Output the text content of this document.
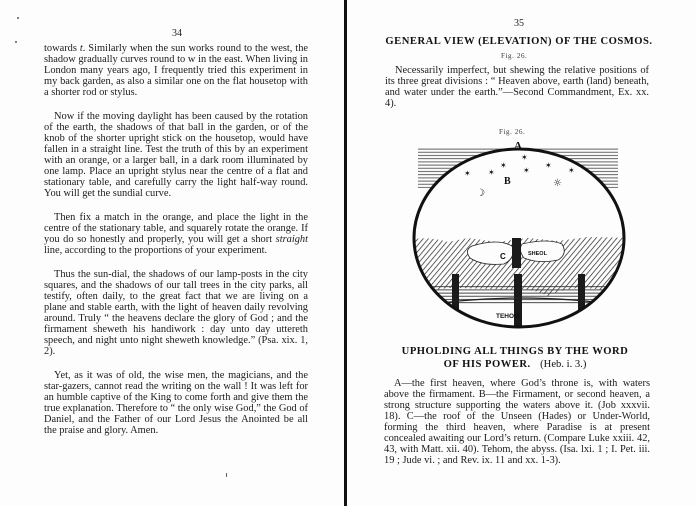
34

towards t. Similarly when the sun works round to the west, the shadow gradually curves round to w in the east. When living in London many years ago, I frequently tried this experiment in my back garden, as also a similar one on the flat housetop with a shorter rod or stylus.

Now if the moving daylight has been caused by the rotation of the earth, the shadows of that ball in the garden, or of the knob of the shorter upright stick on the housetop, would have fallen in a straight line. Test the truth of this by an experiment with an orange, or a larger ball, in a dark room illuminated by one lamp. Place an upright stylus near the centre of a flat and stationary table, and carefully carry the light half-way round. You will get the sundial curve.

Then fix a match in the orange, and place the light in the centre of the stationary table, and squarely rotate the orange. If you do so honestly and properly, you will get a short straight line, according to the proportions of your experiment.

Thus the sun-dial, the shadows of our lamp-posts in the city squares, and the shadows of our tall trees in the city parks, all testify, often daily, to the great fact that we are living on a plane and stable earth, with the light of heaven daily revolving around. Truly “ the heavens declare the glory of God ; and the firmament sheweth his handiwork : day unto day uttereth speech, and night unto night sheweth knowledge.” (Psa. xix. 1, 2).

Yet, as it was of old, the wise men, the magicians, and the star-gazers, cannot read the writing on the wall ! It was left for an humble captive of the King to come forth and give them the true explanation. Therefore to “ the only wise God,” the God of Daniel, and the Father of our Lord Jesus the Anointed be all the praise and glory. Amen.

35
GENERAL VIEW (ELEVATION) OF THE COSMOS.
Fig. 26.

Necessarily imperfect, but shewing the relative positions of its three great divisions : “ Heaven above, earth (land) beneath, and water under the earth.”—Second Commandment, Ex. xx. 4).

Fig. 26.
A
B
C	SHEOL
TEHOM
✶ ✶
✶
✶
✶
✶
✶
☽
☼
UPHOLDING ALL THINGS BY THE WORD
OF HIS POWER. (Heb. i. 3.)

A—the first heaven, where God’s throne is, with waters above the firmament. B—the Firmament, or second heaven, a strong structure supporting the waters above it. (Job xxxvii. 18). C—the roof of the Unseen (Hades) or Under-World, forming the third heaven, where Paradise is at present concealed awaiting our Lord’s return. (Compare Luke xxiii. 42, 43, with Matt. xii. 40). Tehom, the abyss. (Isa. lxi. 1 ; I. Pet. iii. 19 ; Jude vi. ; and Rev. ix. 11 and xx. 1-3).
